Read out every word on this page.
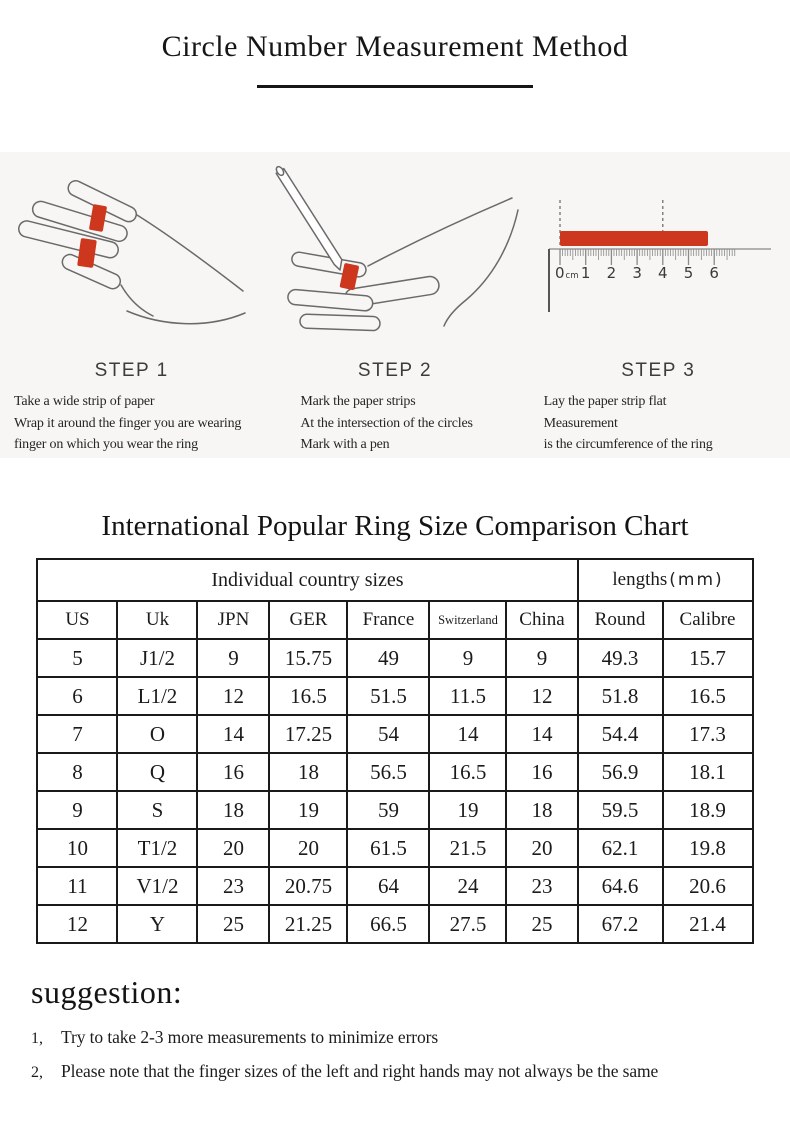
Circle Number Measurement Method
STEP 1
Take a wide strip of paper
Wrap it around the finger you are wearing
finger on which you wear the ring
STEP 2
Mark the paper strips
At the intersection of the circles
Mark with a pen
0cm 1 2 3 4 5 6
STEP 3
Lay the paper strip flat
Measurement
is the circumference of the ring
International Popular Ring Size Comparison Chart
Individual country sizes							lengths (mm)	
US	Uk	JPN	GER	France	Switzerland	China	Round	Calibre
5	J1/2	9	15.75	49	9	9	49.3	15.7
6	L1/2	12	16.5	51.5	11.5	12	51.8	16.5
7	O	14	17.25	54	14	14	54.4	17.3
8	Q	16	18	56.5	16.5	16	56.9	18.1
9	S	18	19	59	19	18	59.5	18.9
10	T1/2	20	20	61.5	21.5	20	62.1	19.8
11	V1/2	23	20.75	64	24	23	64.6	20.6
12	Y	25	21.25	66.5	27.5	25	67.2	21.4
suggestion:
1,	Try to take 2-3 more measurements to minimize errors
2,	Please note that the finger sizes of the left and right hands may not always be the same
